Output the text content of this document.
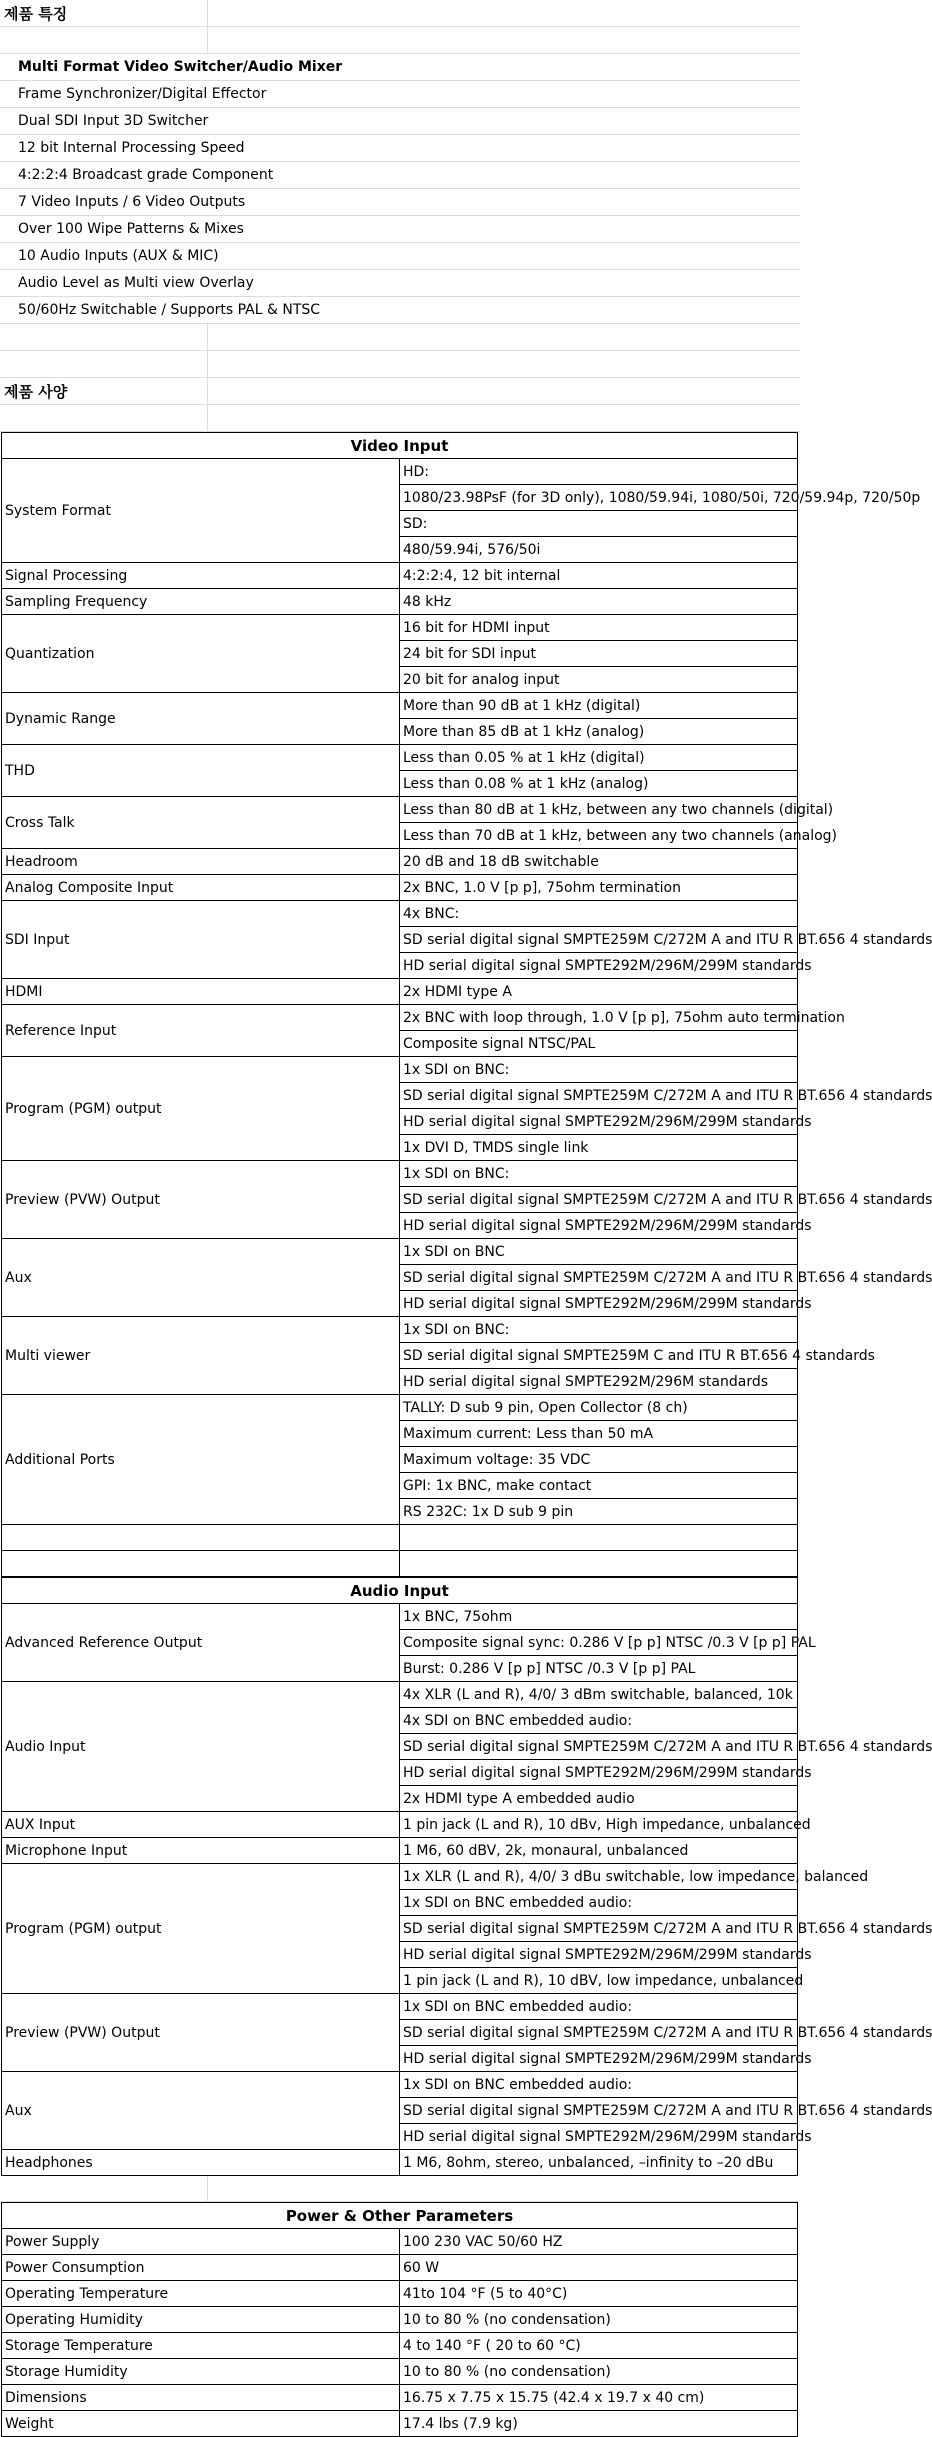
제품 특징	

Multi Format Video Switcher/Audio Mixer	
Frame Synchronizer/Digital Effector	
Dual SDI Input 3D Switcher	
12 bit Internal Processing Speed	
4:2:2:4 Broadcast grade Component	
7 Video Inputs / 6 Video Outputs	
Over 100 Wipe Patterns & Mixes	
10 Audio Inputs (AUX & MIC)	
Audio Level as Multi view Overlay	
50/60Hz Switchable / Supports PAL & NTSC	

제품 사양	

Video Input	
System Format	HD:
	1080/23.98PsF (for 3D only), 1080/59.94i, 1080/50i, 720/59.94p, 720/50p
	SD:
	480/59.94i, 576/50i
Signal Processing	4:2:2:4, 12 bit internal
Sampling Frequency	48 kHz
Quantization	16 bit for HDMI input
	24 bit for SDI input
	20 bit for analog input
Dynamic Range	More than 90 dB at 1 kHz (digital)
	More than 85 dB at 1 kHz (analog)
THD	Less than 0.05 % at 1 kHz (digital)
	Less than 0.08 % at 1 kHz (analog)
Cross Talk	Less than 80 dB at 1 kHz, between any two channels (digital)
	Less than 70 dB at 1 kHz, between any two channels (analog)
Headroom	20 dB and 18 dB switchable
Analog Composite Input	2x BNC, 1.0 V [p p], 75ohm termination
SDI Input	4x BNC:
	SD serial digital signal SMPTE259M C/272M A and ITU R BT.656 4 standards
	HD serial digital signal SMPTE292M/296M/299M standards
HDMI	2x HDMI type A
Reference Input	2x BNC with loop through, 1.0 V [p p], 75ohm auto termination
	Composite signal NTSC/PAL
Program (PGM) output	1x SDI on BNC:
	SD serial digital signal SMPTE259M C/272M A and ITU R BT.656 4 standards
	HD serial digital signal SMPTE292M/296M/299M standards
	1x DVI D, TMDS single link
Preview (PVW) Output	1x SDI on BNC:
	SD serial digital signal SMPTE259M C/272M A and ITU R BT.656 4 standards
	HD serial digital signal SMPTE292M/296M/299M standards
Aux	1x SDI on BNC
	SD serial digital signal SMPTE259M C/272M A and ITU R BT.656 4 standards
	HD serial digital signal SMPTE292M/296M/299M standards
Multi viewer	1x SDI on BNC:
	SD serial digital signal SMPTE259M C and ITU R BT.656 4 standards
	HD serial digital signal SMPTE292M/296M standards
Additional Ports	TALLY: D sub 9 pin, Open Collector (8 ch)
	Maximum current: Less than 50 mA
	Maximum voltage: 35 VDC
	GPI: 1x BNC, make contact
	RS 232C: 1x D sub 9 pin

Audio Input	
Advanced Reference Output	1x BNC, 75ohm
	Composite signal sync: 0.286 V [p p] NTSC /0.3 V [p p] PAL
	Burst: 0.286 V [p p] NTSC /0.3 V [p p] PAL
Audio Input	4x XLR (L and R), 4/0/ 3 dBm switchable, balanced, 10k
	4x SDI on BNC embedded audio:
	SD serial digital signal SMPTE259M C/272M A and ITU R BT.656 4 standards
	HD serial digital signal SMPTE292M/296M/299M standards
	2x HDMI type A embedded audio
AUX Input	1 pin jack (L and R), 10 dBv, High impedance, unbalanced
Microphone Input	1 M6, 60 dBV, 2k, monaural, unbalanced
Program (PGM) output	1x XLR (L and R), 4/0/ 3 dBu switchable, low impedance, balanced
	1x SDI on BNC embedded audio:
	SD serial digital signal SMPTE259M C/272M A and ITU R BT.656 4 standards
	HD serial digital signal SMPTE292M/296M/299M standards
	1 pin jack (L and R), 10 dBV, low impedance, unbalanced
Preview (PVW) Output	1x SDI on BNC embedded audio:
	SD serial digital signal SMPTE259M C/272M A and ITU R BT.656 4 standards
	HD serial digital signal SMPTE292M/296M/299M standards
Aux	1x SDI on BNC embedded audio:
	SD serial digital signal SMPTE259M C/272M A and ITU R BT.656 4 standards
	HD serial digital signal SMPTE292M/296M/299M standards
Headphones	1 M6, 8ohm, stereo, unbalanced, –infinity to –20 dBu

Power & Other Parameters	
Power Supply	100 230 VAC 50/60 HZ
Power Consumption	60 W
Operating Temperature	41to 104 °F (5 to 40°C)
Operating Humidity	10 to 80 % (no condensation)
Storage Temperature	4 to 140 °F ( 20 to 60 °C)
Storage Humidity	10 to 80 % (no condensation)
Dimensions	16.75 x 7.75 x 15.75 (42.4 x 19.7 x 40 cm)
Weight	17.4 lbs (7.9 kg)
